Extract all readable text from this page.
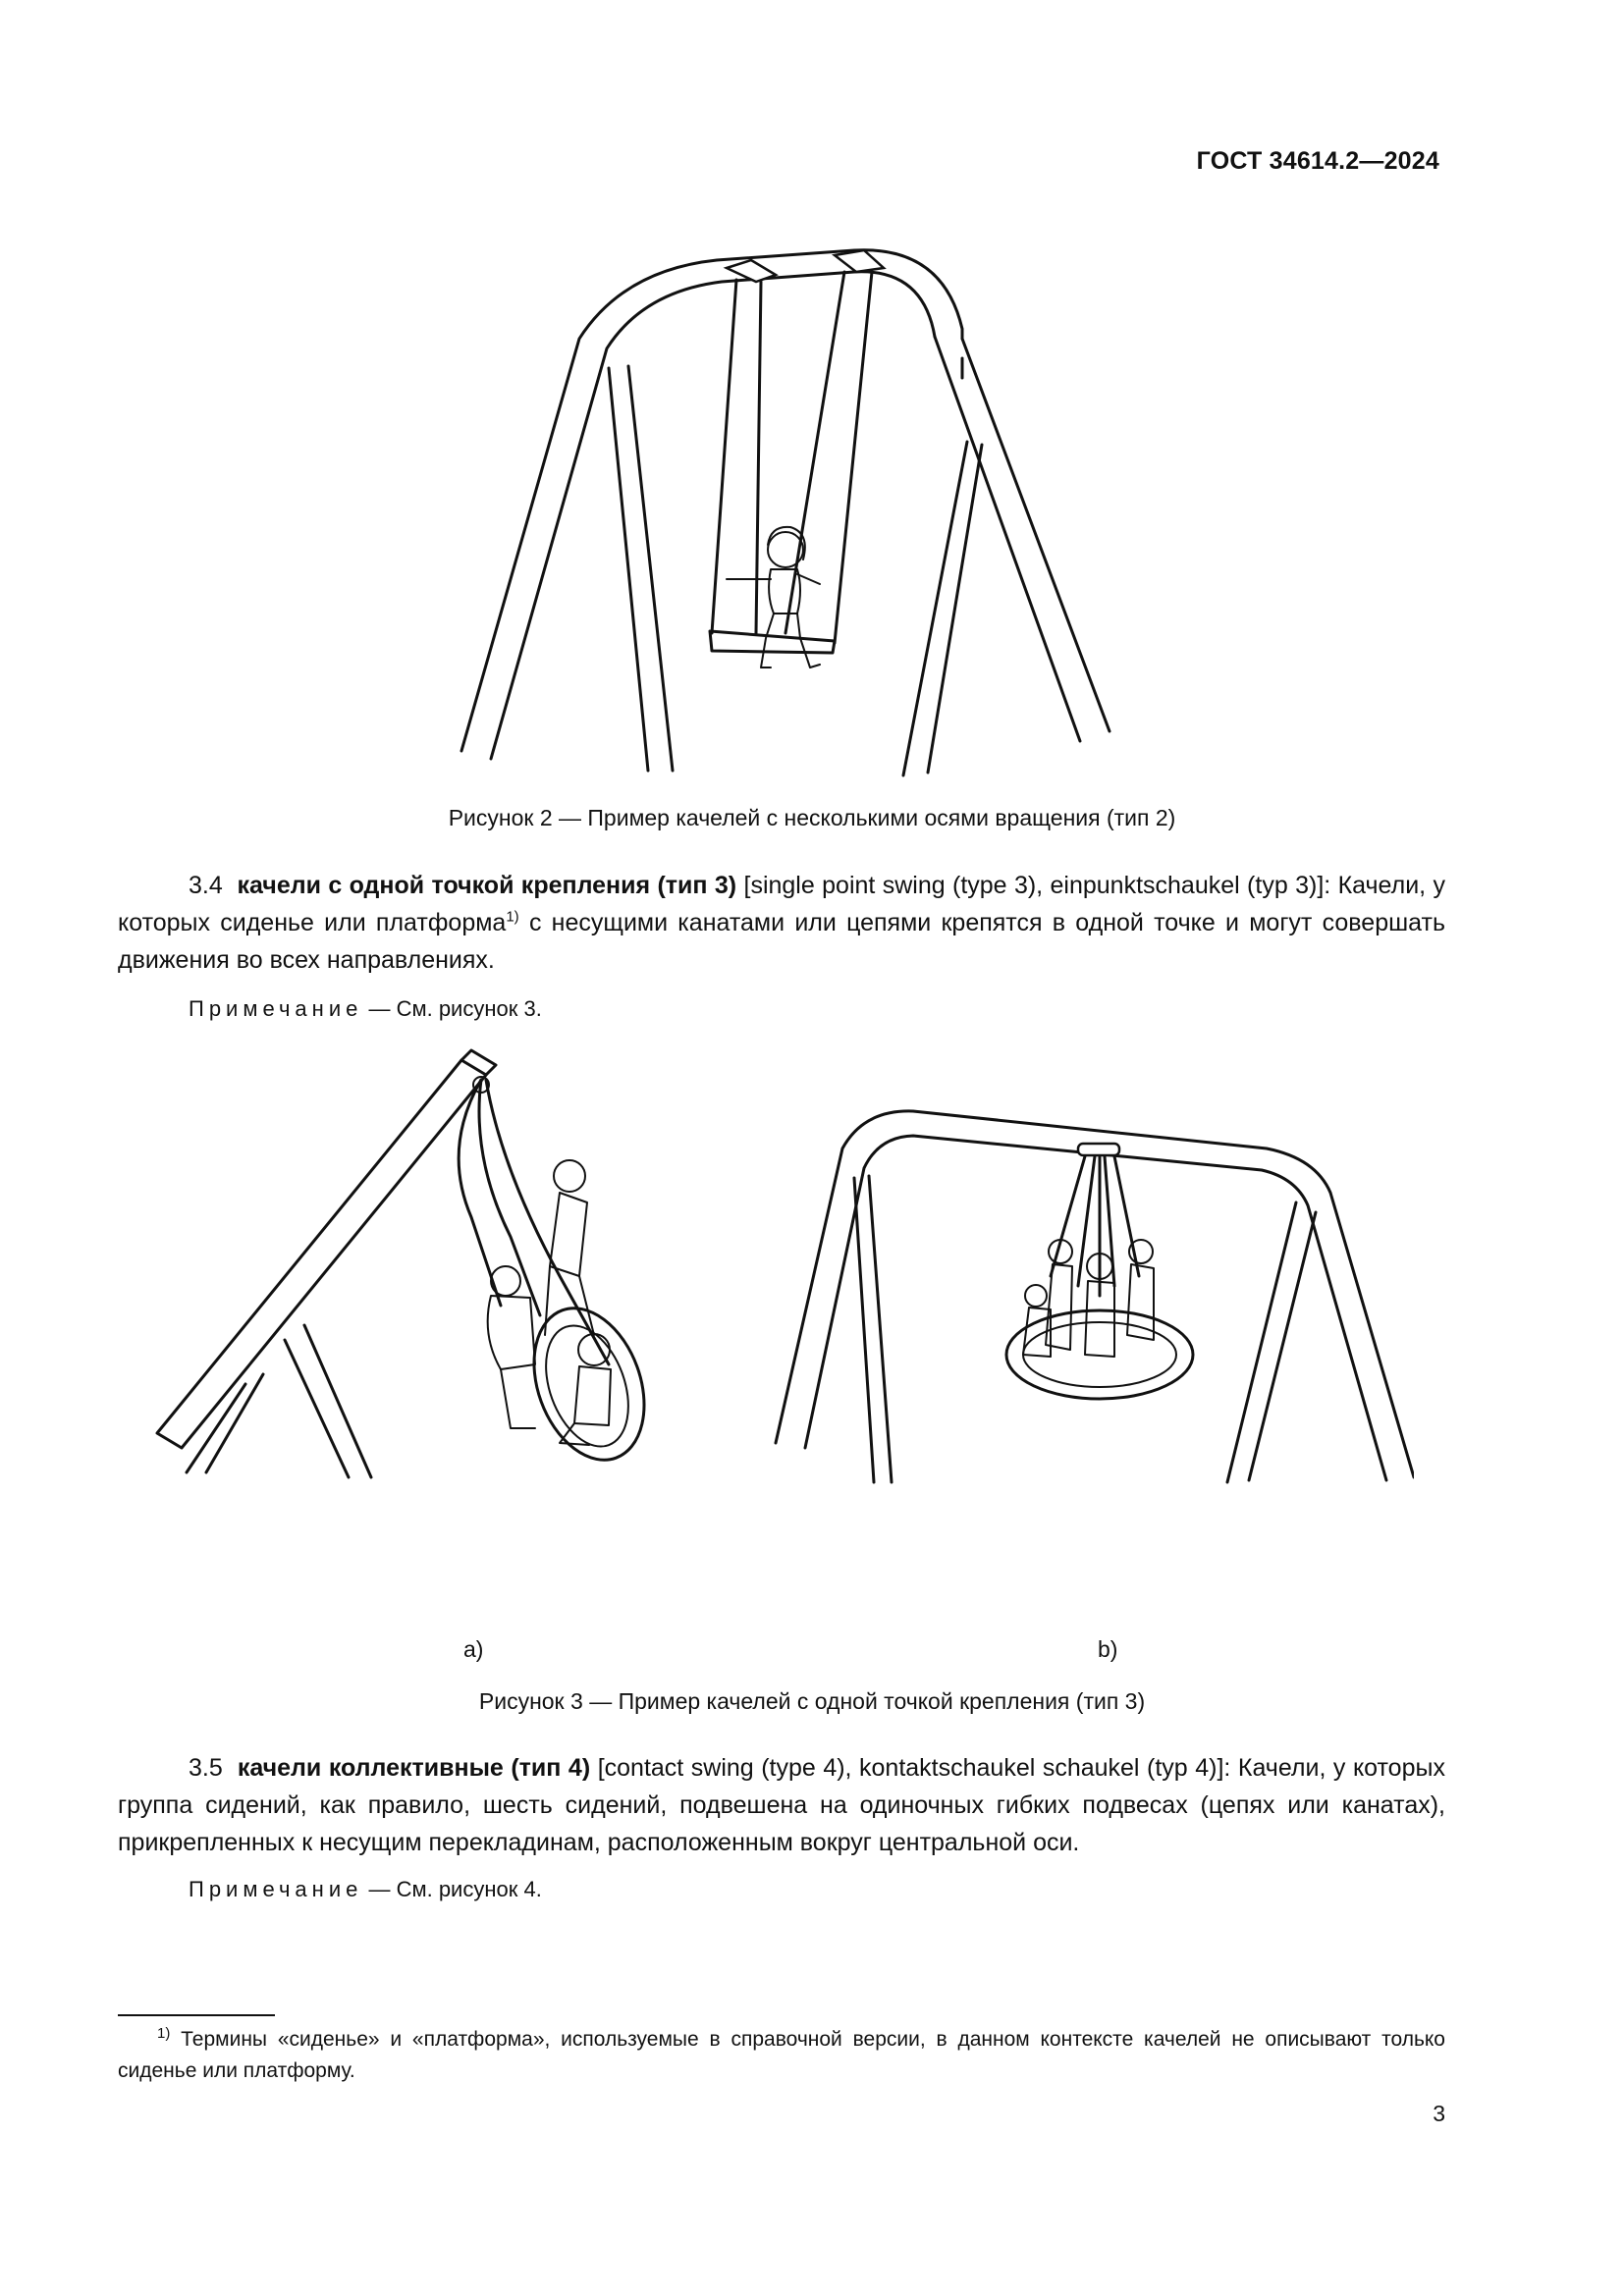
ГОСТ 34614.2—2024
Рисунок 2 — Пример качелей с несколькими осями вращения (тип 2)

3.4 качели с одной точкой крепления (тип 3) [single point swing (type 3), einpunktschaukel (typ 3)]: Качели, у которых сиденье или платформа$^{1)}$ с несущими канатами или цепями крепятся в одной точке и могут совершать движения во всех направлениях.

Примечание — См. рисунок 3.
a)	b)
Рисунок 3 — Пример качелей с одной точкой крепления (тип 3)

3.5 качели коллективные (тип 4) [contact swing (type 4), kontaktschaukel schaukel (typ 4)]: Качели, у которых группа сидений, как правило, шесть сидений, подвешена на одиночных гибких подвесах (цепях или канатах), прикрепленных к несущим перекладинам, расположенным вокруг центральной оси.

Примечание — См. рисунок 4.

$^{1)}$ Термины «сиденье» и «платформа», используемые в справочной версии, в данном контексте качелей не описывают только сиденье или платформу.

3
